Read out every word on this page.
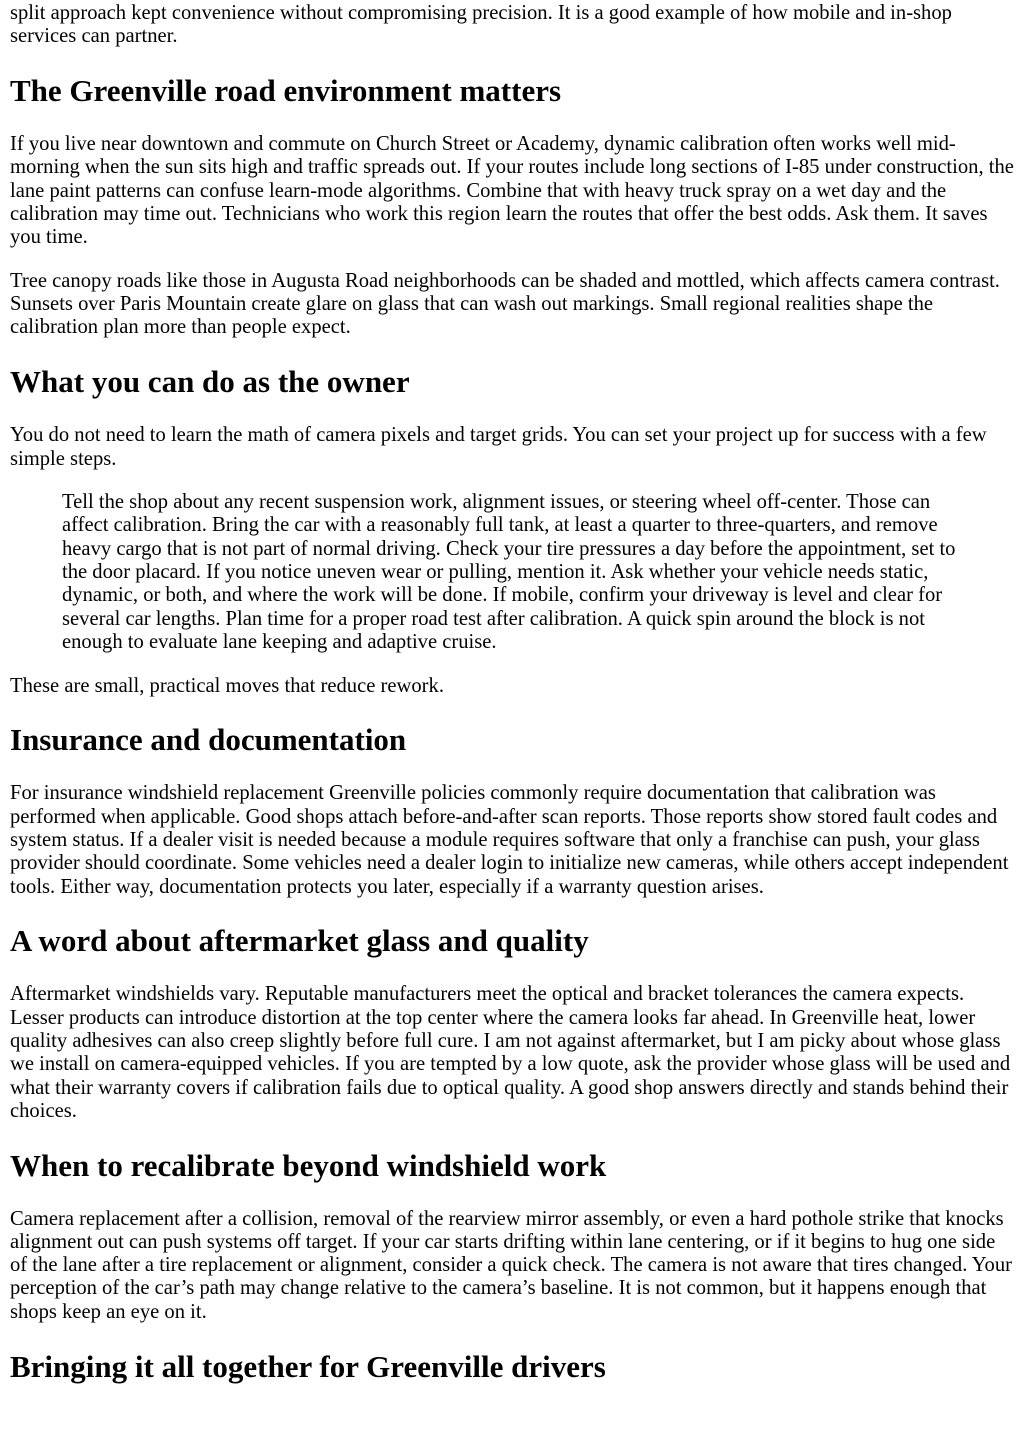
split approach kept convenience without compromising precision. It is a good example of how mobile and in-shop services can partner.

The Greenville road environment matters

If you live near downtown and commute on Church Street or Academy, dynamic calibration often works well mid-morning when the sun sits high and traffic spreads out. If your routes include long sections of I-85 under construction, the lane paint patterns can confuse learn-mode algorithms. Combine that with heavy truck spray on a wet day and the calibration may time out. Technicians who work this region learn the routes that offer the best odds. Ask them. It saves you time.

Tree canopy roads like those in Augusta Road neighborhoods can be shaded and mottled, which affects camera contrast. Sunsets over Paris Mountain create glare on glass that can wash out markings. Small regional realities shape the calibration plan more than people expect.

What you can do as the owner

You do not need to learn the math of camera pixels and target grids. You can set your project up for success with a few simple steps.

Tell the shop about any recent suspension work, alignment issues, or steering wheel off-center. Those can affect calibration. Bring the car with a reasonably full tank, at least a quarter to three-quarters, and remove heavy cargo that is not part of normal driving. Check your tire pressures a day before the appointment, set to the door placard. If you notice uneven wear or pulling, mention it. Ask whether your vehicle needs static, dynamic, or both, and where the work will be done. If mobile, confirm your driveway is level and clear for several car lengths. Plan time for a proper road test after calibration. A quick spin around the block is not enough to evaluate lane keeping and adaptive cruise.

These are small, practical moves that reduce rework.

Insurance and documentation

For insurance windshield replacement Greenville policies commonly require documentation that calibration was performed when applicable. Good shops attach before-and-after scan reports. Those reports show stored fault codes and system status. If a dealer visit is needed because a module requires software that only a franchise can push, your glass provider should coordinate. Some vehicles need a dealer login to initialize new cameras, while others accept independent tools. Either way, documentation protects you later, especially if a warranty question arises.

A word about aftermarket glass and quality

Aftermarket windshields vary. Reputable manufacturers meet the optical and bracket tolerances the camera expects. Lesser products can introduce distortion at the top center where the camera looks far ahead. In Greenville heat, lower quality adhesives can also creep slightly before full cure. I am not against aftermarket, but I am picky about whose glass we install on camera-equipped vehicles. If you are tempted by a low quote, ask the provider whose glass will be used and what their warranty covers if calibration fails due to optical quality. A good shop answers directly and stands behind their choices.

When to recalibrate beyond windshield work

Camera replacement after a collision, removal of the rearview mirror assembly, or even a hard pothole strike that knocks alignment out can push systems off target. If your car starts drifting within lane centering, or if it begins to hug one side of the lane after a tire replacement or alignment, consider a quick check. The camera is not aware that tires changed. Your perception of the car’s path may change relative to the camera’s baseline. It is not common, but it happens enough that shops keep an eye on it.

Bringing it all together for Greenville drivers
